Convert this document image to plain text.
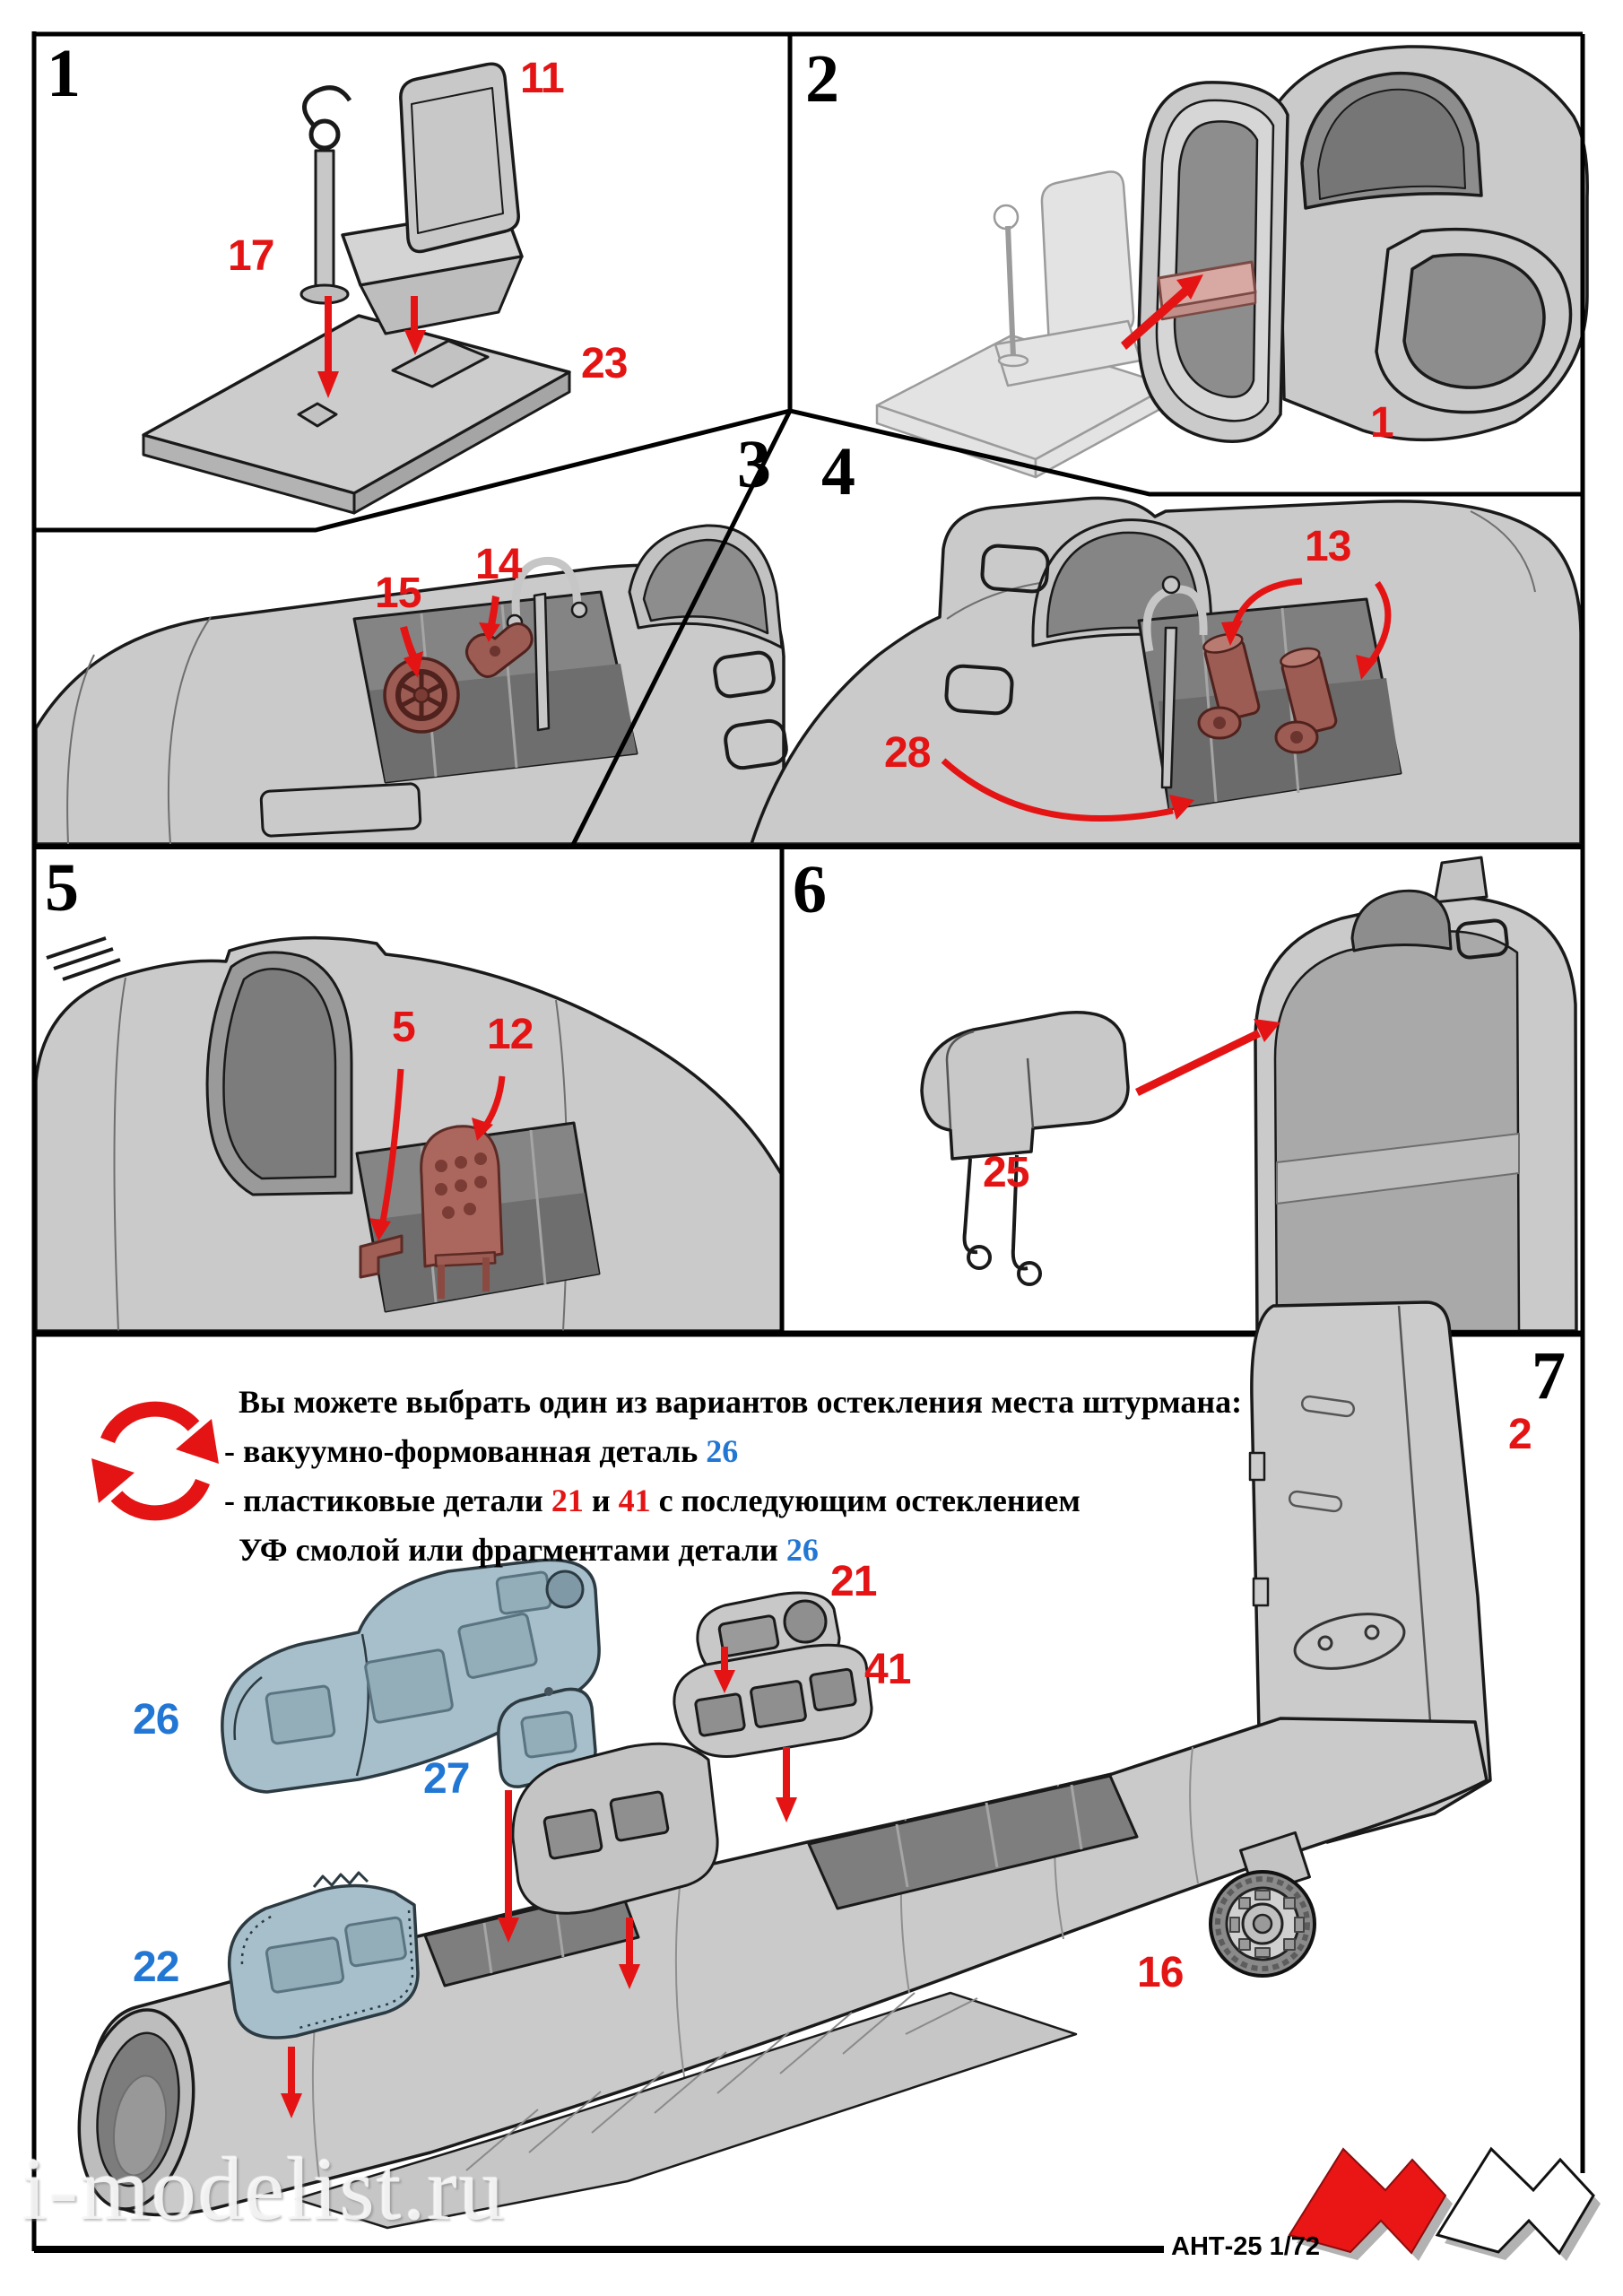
1	2
3 4
5	6
7
11
17
23
1
15
14	13
28
5 12
25
26
27
22
21
41
2
16
Вы можете выбрать один из вариантов остекления места штурмана:
- вакуумно-формованная деталь 26
- пластиковые детали 21 и 41 с последующим остеклением
УФ смолой или фрагментами детали 26
АНТ-25 1/72
i-modelist.ru
